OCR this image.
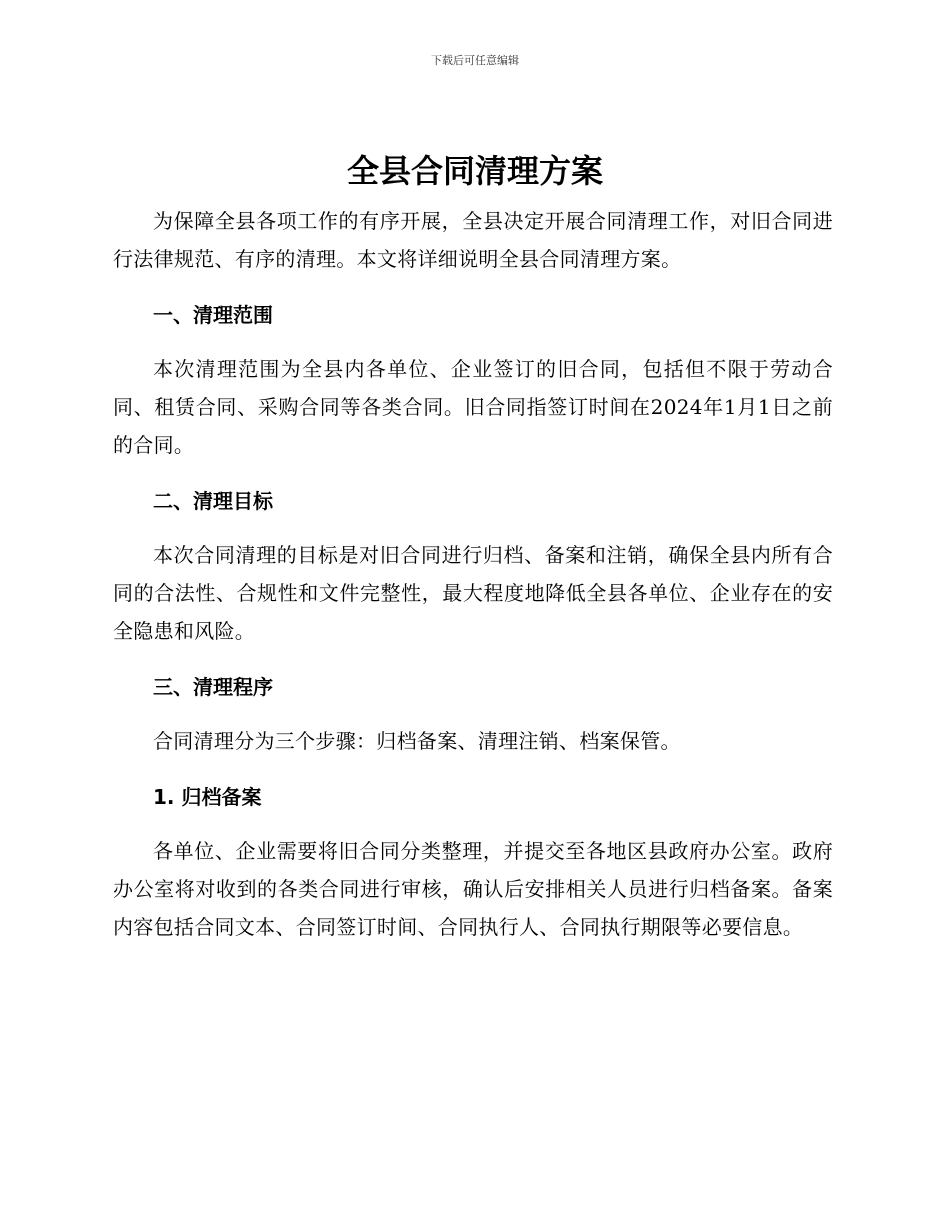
下载后可任意编辑
全县合同清理方案

为保障全县各项工作的有序开展，全县决定开展合同清理工作，对旧合同进行法律规范、有序的清理。本文将详细说明全县合同清理方案。

一、清理范围

本次清理范围为全县内各单位、企业签订的旧合同，包括但不限于劳动合同、租赁合同、采购合同等各类合同。旧合同指签订时间在2024年1月1日之前的合同。

二、清理目标

本次合同清理的目标是对旧合同进行归档、备案和注销，确保全县内所有合同的合法性、合规性和文件完整性，最大程度地降低全县各单位、企业存在的安全隐患和风险。

三、清理程序

合同清理分为三个步骤：归档备案、清理注销、档案保管。

1. 归档备案

各单位、企业需要将旧合同分类整理，并提交至各地区县政府办公室。政府办公室将对收到的各类合同进行审核，确认后安排相关人员进行归档备案。备案内容包括合同文本、合同签订时间、合同执行人、合同执行期限等必要信息。
